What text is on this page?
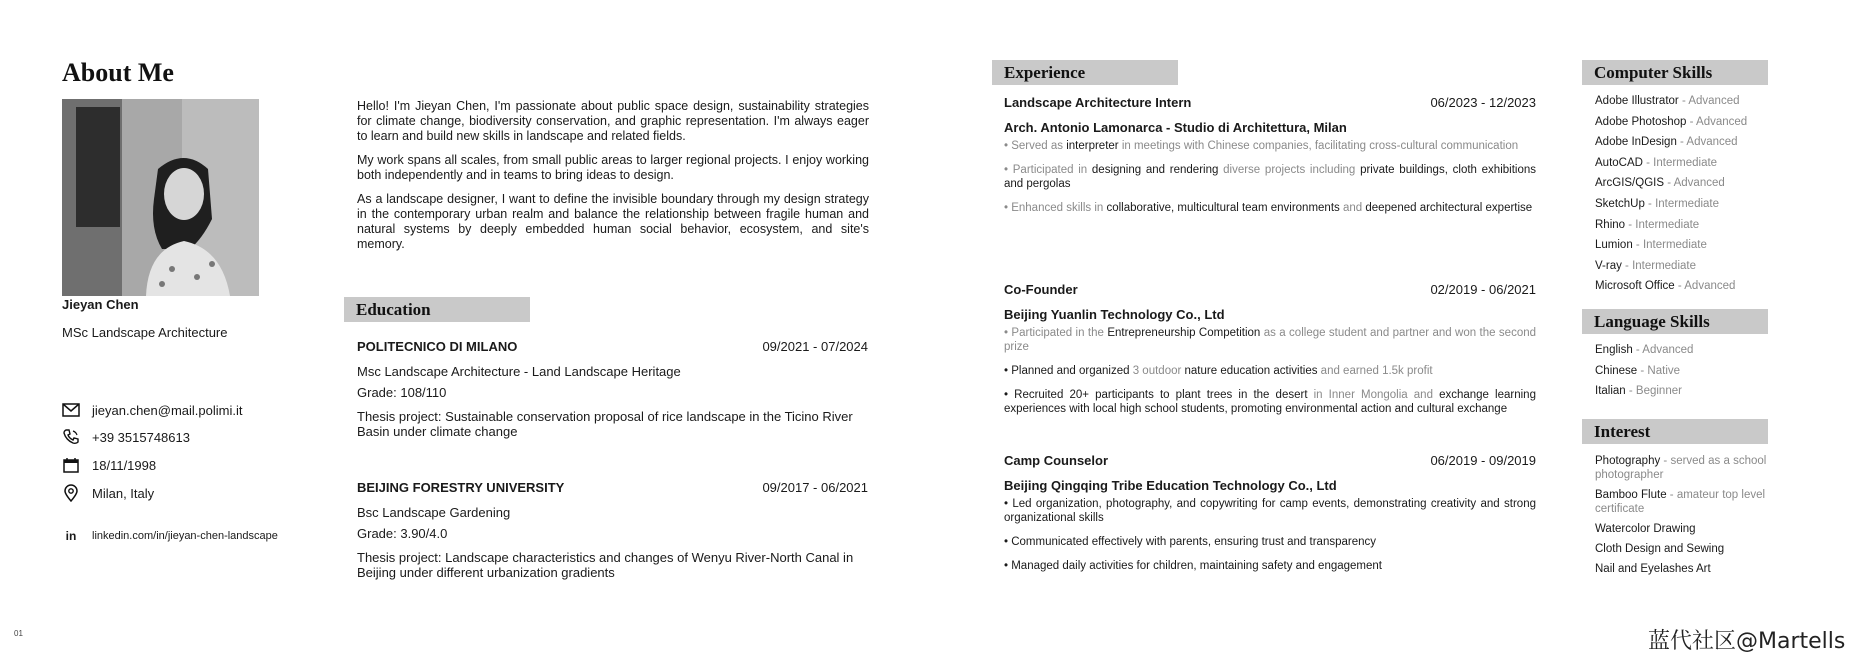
About Me
Jieyan Chen
MSc Landscape Architecture
jieyan.chen@mail.polimi.it
+39 3515748613
18/11/1998
Milan, Italy
in	linkedin.com/in/jieyan-chen-landscape

Hello! I'm Jieyan Chen, I'm passionate about public space design, sustainability strategies for climate change, biodiversity conservation, and graphic representation. I'm always eager to learn and build new skills in landscape and related fields.

My work spans all scales, from small public areas to larger regional projects. I enjoy working both independently and in teams to bring ideas to design.

As a landscape designer, I want to define the invisible boundary through my design strategy in the contemporary urban realm and balance the relationship between fragile human and natural systems by deeply embedded human social behavior, ecosystem, and site's memory.

Education
POLITECNICO DI MILANO	09/2021 - 07/2024
Msc Landscape Architecture - Land Landscape Heritage
Grade: 108/110
Thesis project: Sustainable conservation proposal of rice landscape in the Ticino River Basin under climate change
BEIJING FORESTRY UNIVERSITY	09/2017 - 06/2021
Bsc Landscape Gardening
Grade: 3.90/4.0
Thesis project: Landscape characteristics and changes of Wenyu River-North Canal in Beijing under different urbanization gradients
01
Experience
Landscape Architecture Intern	06/2023 - 12/2023
Arch. Antonio Lamonarca - Studio di Architettura, Milan
• Served as interpreter in meetings with Chinese companies, facilitating cross-cultural communication
• Participated in designing and rendering diverse projects including private buildings, cloth exhibitions and pergolas
• Enhanced skills in collaborative, multicultural team environments and deepened architectural expertise
Co-Founder	02/2019 - 06/2021
Beijing Yuanlin Technology Co., Ltd
• Participated in the Entrepreneurship Competition as a college student and partner and won the second prize
• Planned and organized 3 outdoor nature education activities and earned 1.5k profit
• Recruited 20+ participants to plant trees in the desert in Inner Mongolia and exchange learning experiences with local high school students, promoting environmental action and cultural exchange
Camp Counselor	06/2019 - 09/2019
Beijing Qingqing Tribe Education Technology Co., Ltd
• Led organization, photography, and copywriting for camp events, demonstrating creativity and strong organizational skills
• Communicated effectively with parents, ensuring trust and transparency
• Managed daily activities for children, maintaining safety and engagement
Computer Skills
Adobe Illustrator - Advanced
Adobe Photoshop - Advanced
Adobe InDesign - Advanced
AutoCAD - Intermediate
ArcGIS/QGIS - Advanced
SketchUp - Intermediate
Rhino - Intermediate
Lumion - Intermediate
V-ray - Intermediate
Microsoft Office - Advanced
Language Skills
English - Advanced
Chinese - Native
Italian - Beginner
Interest
Photography - served as a school photographer
Bamboo Flute - amateur top level certificate
Watercolor Drawing
Cloth Design and Sewing
Nail and Eyelashes Art
蓝代社区@Martells
